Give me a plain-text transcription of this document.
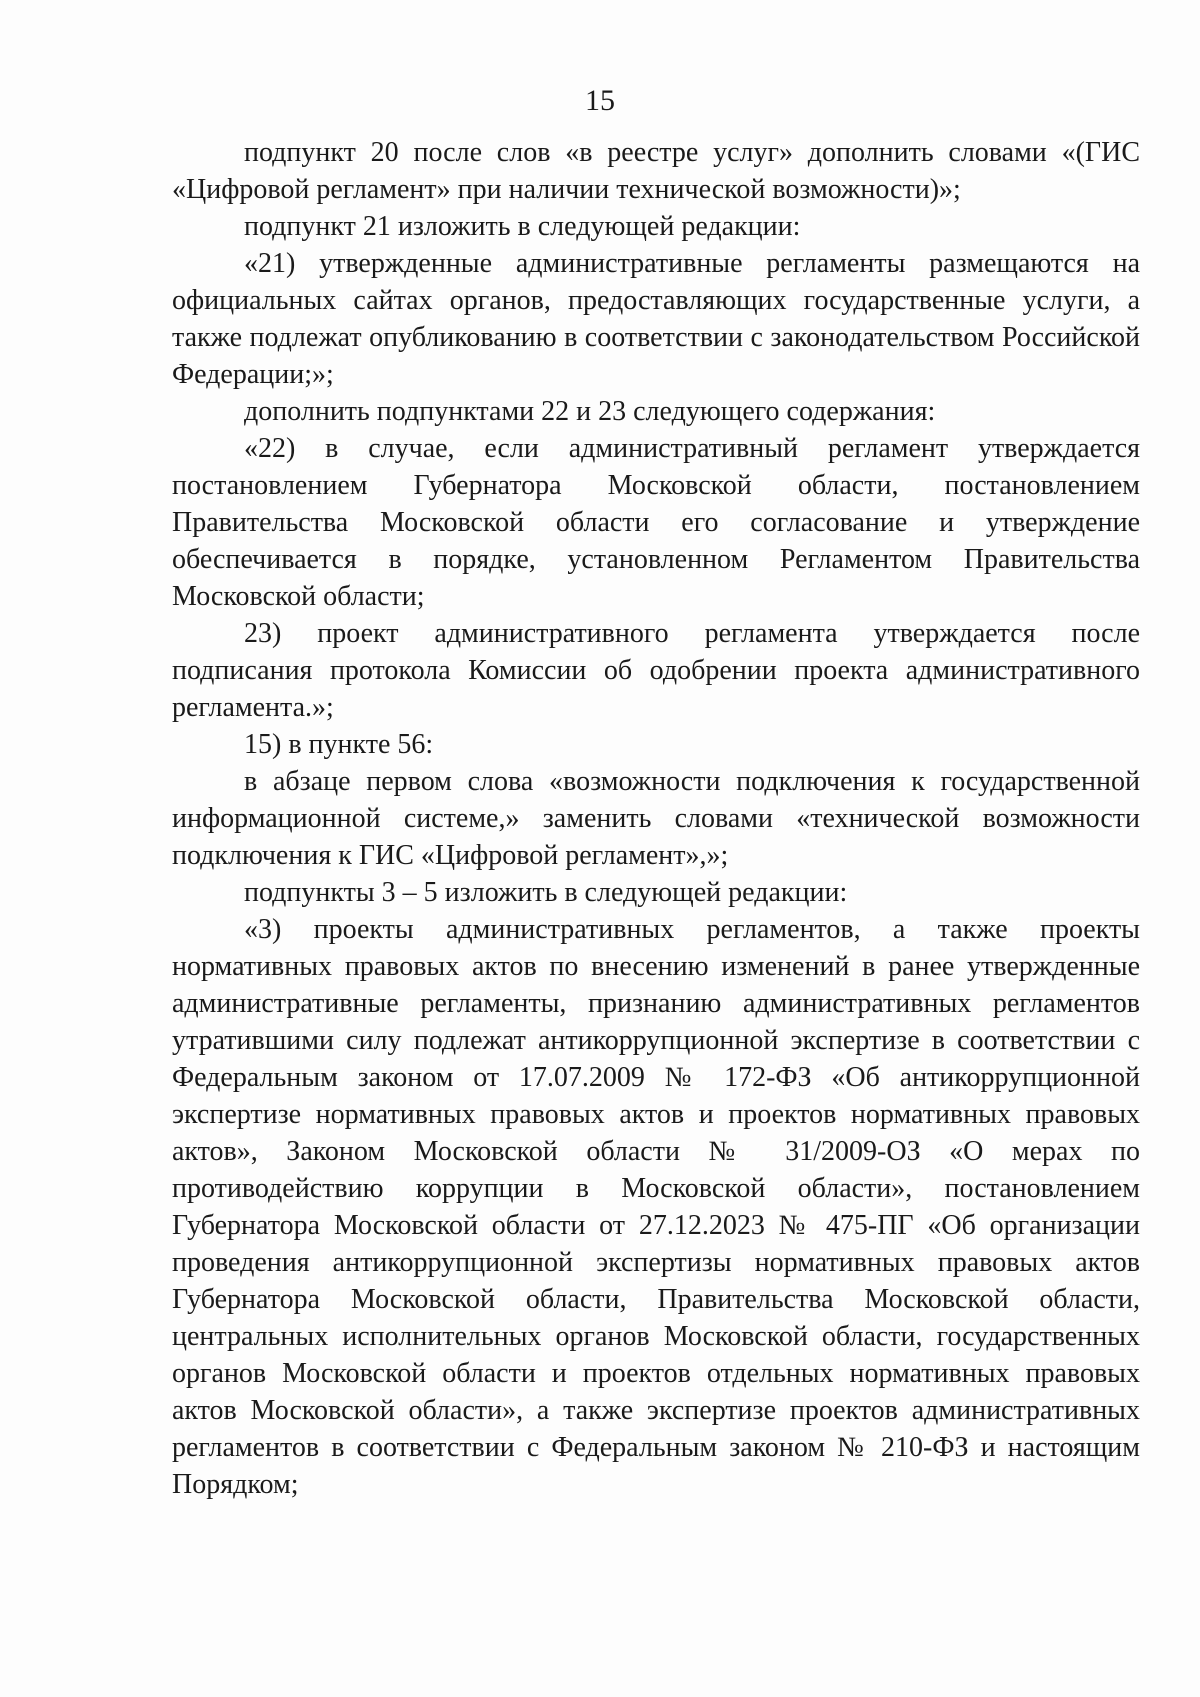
15

подпункт 20 после слов «в реестре услуг» дополнить словами «(ГИС «Цифровой регламент» при наличии технической возможности)»;

подпункт 21 изложить в следующей редакции:

«21) утвержденные административные регламенты размещаются на официальных сайтах органов, предоставляющих государственные услуги, а также подлежат опубликованию в соответствии с законодательством Российской Федерации;»;

дополнить подпунктами 22 и 23 следующего содержания:

«22) в случае, если административный регламент утверждается постановлением Губернатора Московской области, постановлением Правительства Московской области его согласование и утверждение обеспечивается в порядке, установленном Регламентом Правительства Московской области;

23) проект административного регламента утверждается после подписания протокола Комиссии об одобрении проекта административного регламента.»;

15) в пункте 56:

в абзаце первом слова «возможности подключения к государственной информационной системе,» заменить словами «технической возможности подключения к ГИС «Цифровой регламент»,»;

подпункты 3 – 5 изложить в следующей редакции:

«3) проекты административных регламентов, а также проекты нормативных правовых актов по внесению изменений в ранее утвержденные административные регламенты, признанию административных регламентов утратившими силу подлежат антикоррупционной экспертизе в соответствии с Федеральным законом от 17.07.2009 № 172-ФЗ «Об антикоррупционной экспертизе нормативных правовых актов и проектов нормативных правовых актов», Законом Московской области № 31/2009-ОЗ «О мерах по противодействию коррупции в Московской области», постановлением Губернатора Московской области от 27.12.2023 № 475-ПГ «Об организации проведения антикоррупционной экспертизы нормативных правовых актов Губернатора Московской области, Правительства Московской области, центральных исполнительных органов Московской области, государственных органов Московской области и проектов отдельных нормативных правовых актов Московской области», а также экспертизе проектов административных регламентов в соответствии с Федеральным законом № 210-ФЗ и настоящим Порядком;
